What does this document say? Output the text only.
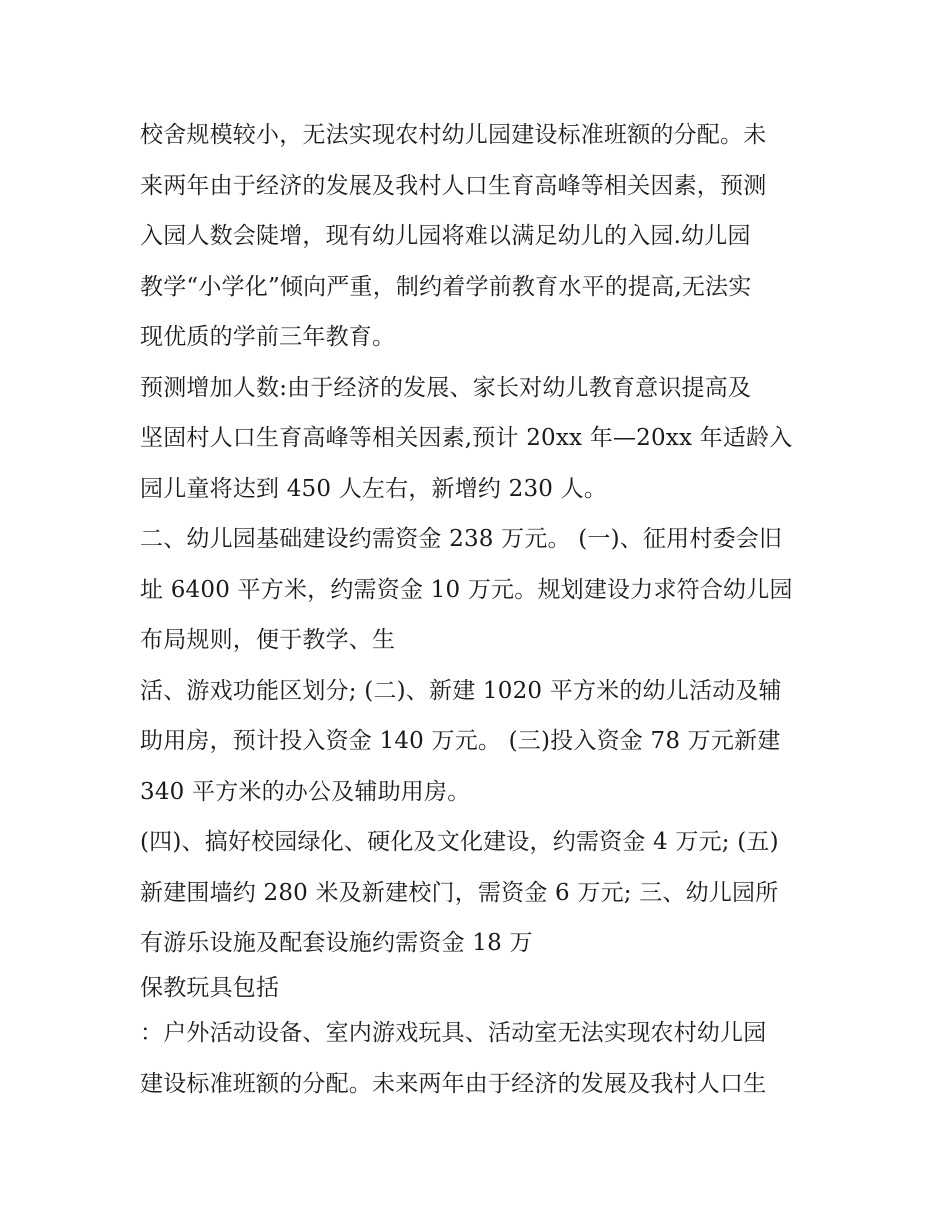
校舍规模较小，无法实现农村幼儿园建设标准班额的分配。未
来两年由于经济的发展及我村人口生育高峰等相关因素，预测
入园人数会陡增，现有幼儿园将难以满足幼儿的入园.幼儿园
教学“小学化”倾向严重，制约着学前教育水平的提高,无法实
现优质的学前三年教育。
预测增加人数:由于经济的发展、家长对幼儿教育意识提高及
坚固村人口生育高峰等相关因素,预计 20xx 年—20xx 年适龄入
园儿童将达到 450 人左右，新增约 230 人。
二、幼儿园基础建设约需资金 238 万元。 (一)、征用村委会旧
址 6400 平方米，约需资金 10 万元。规划建设力求符合幼儿园
布局规则，便于教学、生
活、游戏功能区划分; (二)、新建 1020 平方米的幼儿活动及辅
助用房，预计投入资金 140 万元。 (三)投入资金 78 万元新建
340 平方米的办公及辅助用房。
(四)、搞好校园绿化、硬化及文化建设，约需资金 4 万元; (五)
新建围墙约 280 米及新建校门，需资金 6 万元; 三、幼儿园所
有游乐设施及配套设施约需资金 18 万
保教玩具包括
：户外活动设备、室内游戏玩具、活动室无法实现农村幼儿园
建设标准班额的分配。未来两年由于经济的发展及我村人口生
